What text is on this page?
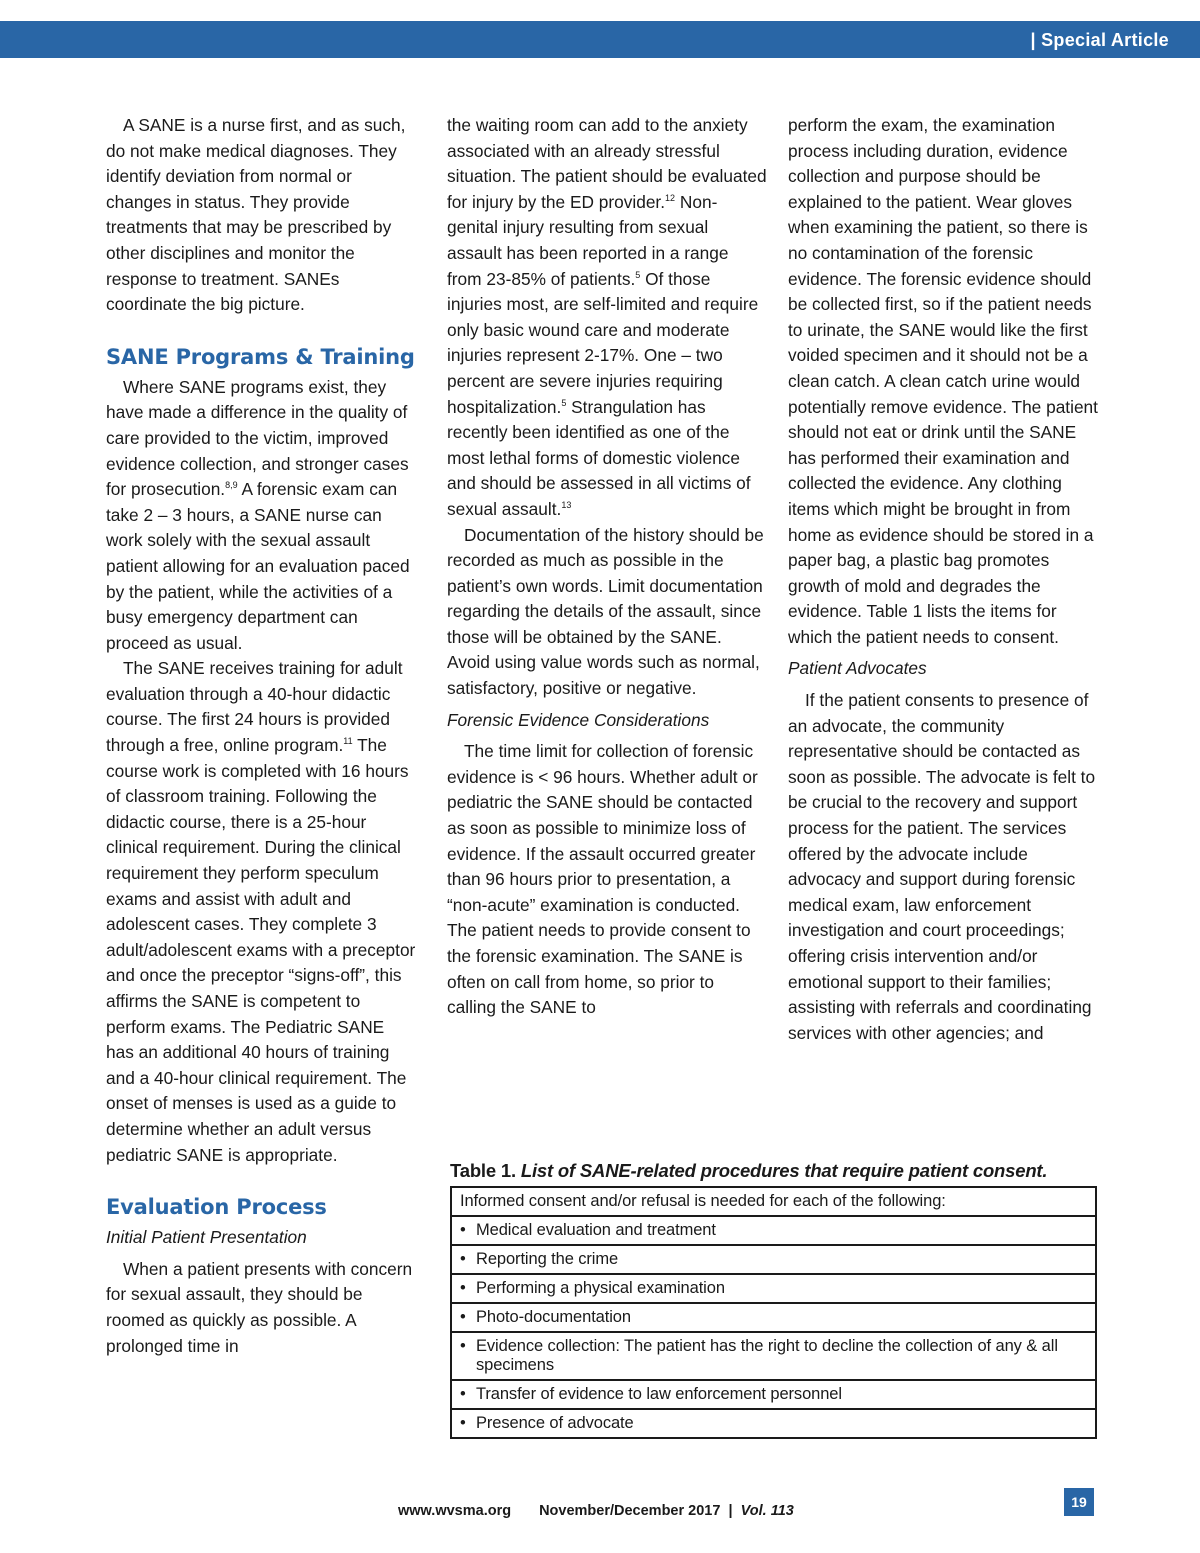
| Special Article

A SANE is a nurse first, and as such, do not make medical diagnoses. They identify deviation from normal or changes in status. They provide treatments that may be prescribed by other disciplines and monitor the response to treatment. SANEs coordinate the big picture.

SANE Programs & Training

Where SANE programs exist, they have made a difference in the quality of care provided to the victim, improved evidence collection, and stronger cases for prosecution.$^{8,9}$ A forensic exam can take 2 – 3 hours, a SANE nurse can work solely with the sexual assault patient allowing for an evaluation paced by the patient, while the activities of a busy emergency department can proceed as usual.

The SANE receives training for adult evaluation through a 40-hour didactic course. The first 24 hours is provided through a free, online program.$^{11}$ The course work is completed with 16 hours of classroom training. Following the didactic course, there is a 25-hour clinical requirement. During the clinical requirement they perform speculum exams and assist with adult and adolescent cases. They complete 3 adult/adolescent exams with a preceptor and once the preceptor “signs-off”, this affirms the SANE is competent to perform exams. The Pediatric SANE has an additional 40 hours of training and a 40-hour clinical requirement. The onset of menses is used as a guide to determine whether an adult versus pediatric SANE is appropriate.

Evaluation Process
Initial Patient Presentation

When a patient presents with concern for sexual assault, they should be roomed as quickly as possible. A prolonged time in

the waiting room can add to the anxiety associated with an already stressful situation. The patient should be evaluated for injury by the ED provider.$^{12}$ Non-genital injury resulting from sexual assault has been reported in a range from 23-85% of patients.$^5$ Of those injuries most, are self-limited and require only basic wound care and moderate injuries represent 2-17%. One – two percent are severe injuries requiring hospitalization.$^5$ Strangulation has recently been identified as one of the most lethal forms of domestic violence and should be assessed in all victims of sexual assault.$^{13}$

Documentation of the history should be recorded as much as possible in the patient’s own words. Limit documentation regarding the details of the assault, since those will be obtained by the SANE. Avoid using value words such as normal, satisfactory, positive or negative.

Forensic Evidence Considerations

The time limit for collection of forensic evidence is < 96 hours. Whether adult or pediatric the SANE should be contacted as soon as possible to minimize loss of evidence. If the assault occurred greater than 96 hours prior to presentation, a “non-acute” examination is conducted. The patient needs to provide consent to the forensic examination. The SANE is often on call from home, so prior to calling the SANE to

perform the exam, the examination process including duration, evidence collection and purpose should be explained to the patient. Wear gloves when examining the patient, so there is no contamination of the forensic evidence. The forensic evidence should be collected first, so if the patient needs to urinate, the SANE would like the first voided specimen and it should not be a clean catch. A clean catch urine would potentially remove evidence. The patient should not eat or drink until the SANE has performed their examination and collected the evidence. Any clothing items which might be brought in from home as evidence should be stored in a paper bag, a plastic bag promotes growth of mold and degrades the evidence. Table 1 lists the items for which the patient needs to consent.

Patient Advocates

If the patient consents to presence of an advocate, the community representative should be contacted as soon as possible. The advocate is felt to be crucial to the recovery and support process for the patient. The services offered by the advocate include advocacy and support during forensic medical exam, law enforcement investigation and court proceedings; offering crisis intervention and/or emotional support to their families; assisting with referrals and coordinating services with other agencies; and

Table 1. List of SANE-related procedures that require patient consent.
Informed consent and/or refusal is needed for each of the following:
• Medical evaluation and treatment
• Reporting the crime
• Performing a physical examination
• Photo-documentation
• Evidence collection: The patient has the right to decline the collection of any & all specimens
• Transfer of evidence to law enforcement personnel
• Presence of advocate
www.wvsma.org November/December 2017 | Vol. 113
19
